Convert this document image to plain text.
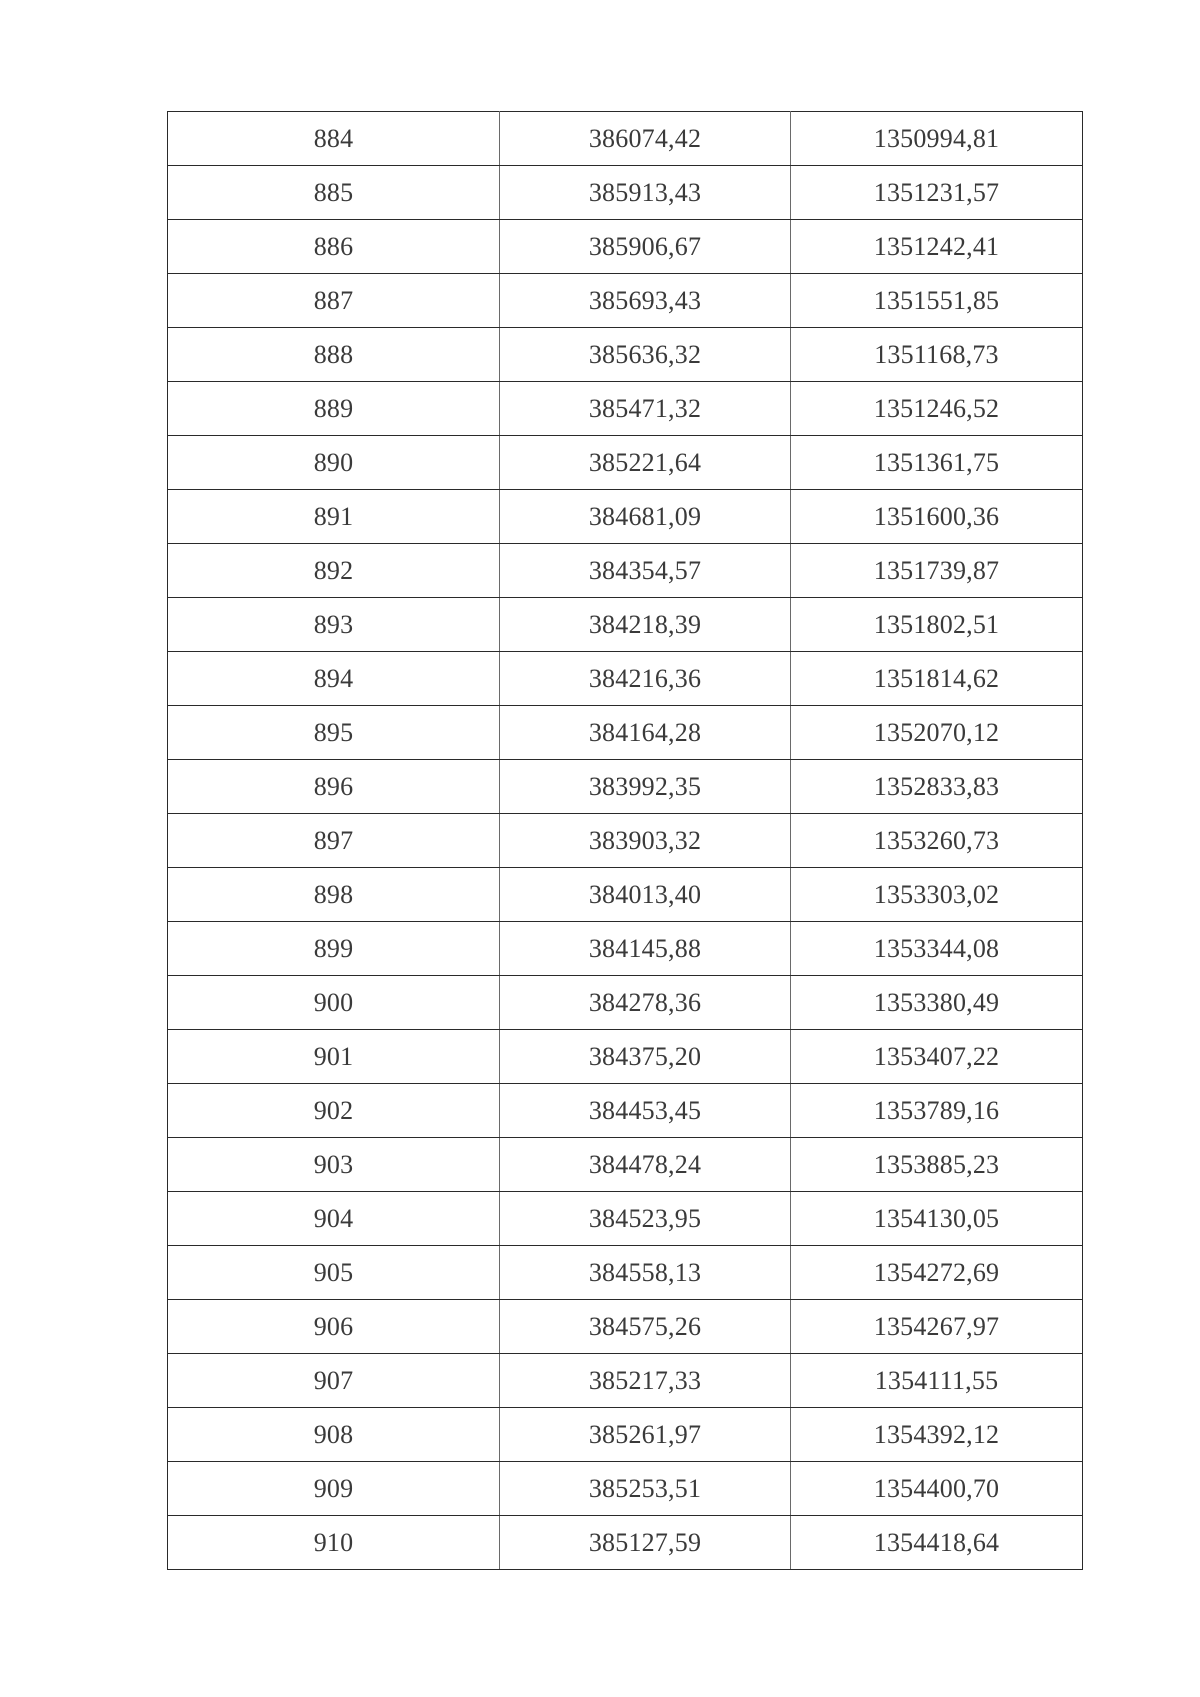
884	386074,42	1350994,81
885	385913,43	1351231,57
886	385906,67	1351242,41
887	385693,43	1351551,85
888	385636,32	1351168,73
889	385471,32	1351246,52
890	385221,64	1351361,75
891	384681,09	1351600,36
892	384354,57	1351739,87
893	384218,39	1351802,51
894	384216,36	1351814,62
895	384164,28	1352070,12
896	383992,35	1352833,83
897	383903,32	1353260,73
898	384013,40	1353303,02
899	384145,88	1353344,08
900	384278,36	1353380,49
901	384375,20	1353407,22
902	384453,45	1353789,16
903	384478,24	1353885,23
904	384523,95	1354130,05
905	384558,13	1354272,69
906	384575,26	1354267,97
907	385217,33	1354111,55
908	385261,97	1354392,12
909	385253,51	1354400,70
910	385127,59	1354418,64
